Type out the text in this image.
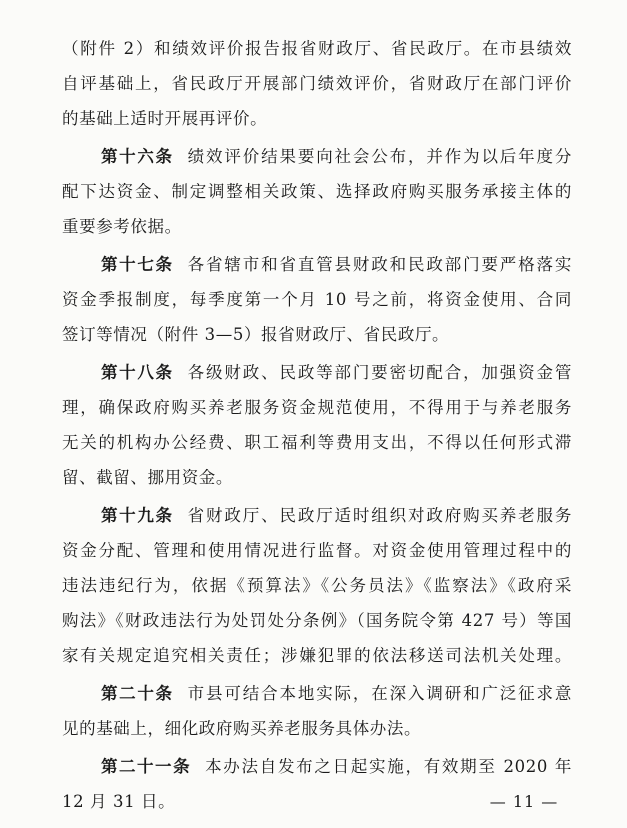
（附件 2）和绩效评价报告报省财政厅、省民政厅。在市县绩效
自评基础上，省民政厅开展部门绩效评价，省财政厅在部门评价
的基础上适时开展再评价。
第十六条 绩效评价结果要向社会公布，并作为以后年度分
配下达资金、制定调整相关政策、选择政府购买服务承接主体的
重要参考依据。
第十七条 各省辖市和省直管县财政和民政部门要严格落实
资金季报制度，每季度第一个月 10 号之前，将资金使用、合同
签订等情况（附件 3—5）报省财政厅、省民政厅。
第十八条 各级财政、民政等部门要密切配合，加强资金管
理，确保政府购买养老服务资金规范使用，不得用于与养老服务
无关的机构办公经费、职工福利等费用支出，不得以任何形式滞
留、截留、挪用资金。
第十九条 省财政厅、民政厅适时组织对政府购买养老服务
资金分配、管理和使用情况进行监督。对资金使用管理过程中的
违法违纪行为，依据《预算法》《公务员法》《监察法》《政府采
购法》《财政违法行为处罚处分条例》（国务院令第 427 号）等国
家有关规定追究相关责任；涉嫌犯罪的依法移送司法机关处理。
第二十条 市县可结合本地实际，在深入调研和广泛征求意
见的基础上，细化政府购买养老服务具体办法。
第二十一条 本办法自发布之日起实施，有效期至 2020 年
12 月 31 日。	— 11 —
